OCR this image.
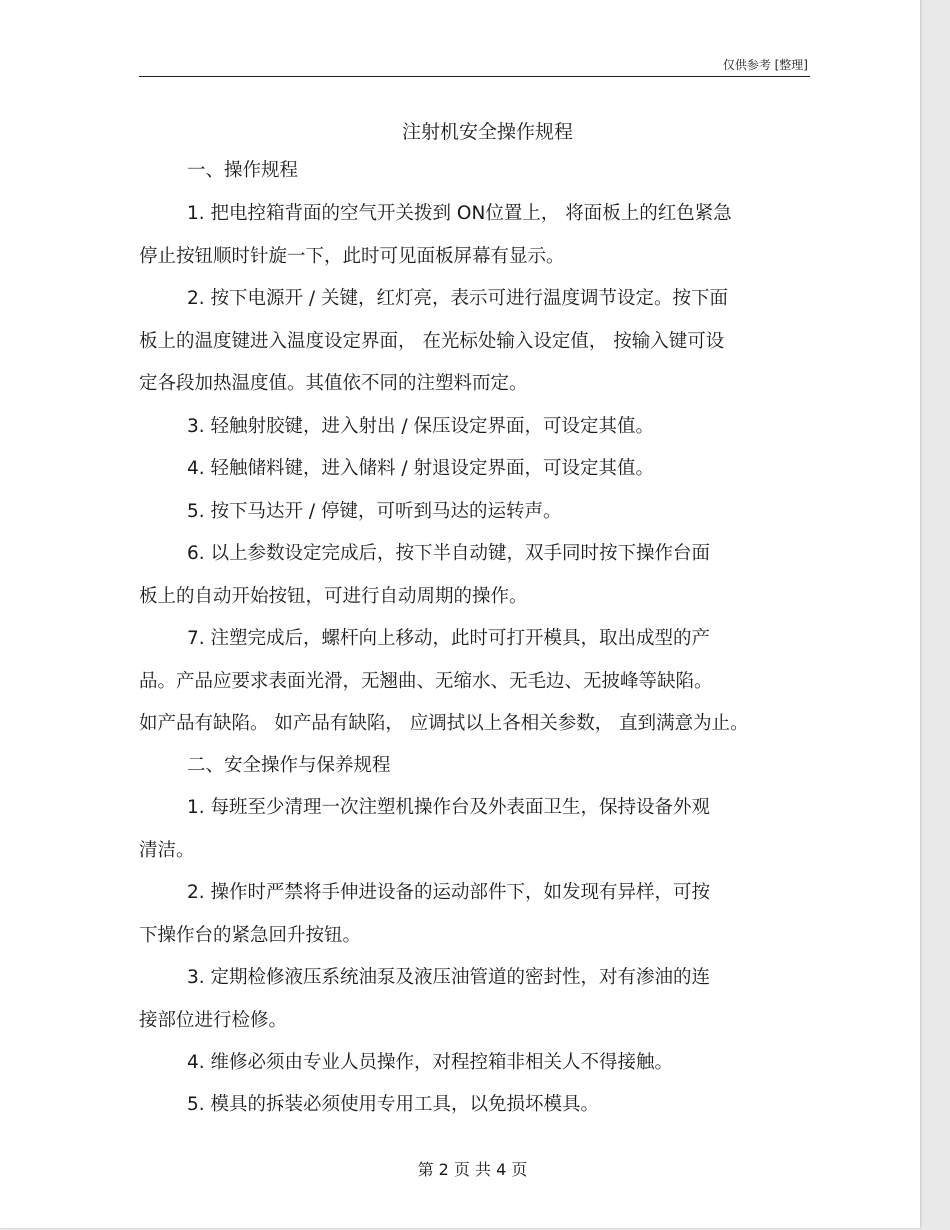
仅供参考 [整理]
注射机安全操作规程
一、操作规程
1. 把电控箱背面的空气开关拨到 ON位置上， 将面板上的红色紧急
停止按钮顺时针旋一下，此时可见面板屏幕有显示。
2. 按下电源开 / 关键，红灯亮，表示可进行温度调节设定。按下面
板上的温度键进入温度设定界面， 在光标处输入设定值， 按输入键可设
定各段加热温度值。其值依不同的注塑料而定。
3. 轻触射胶键，进入射出 / 保压设定界面，可设定其值。
4. 轻触储料键，进入储料 / 射退设定界面，可设定其值。
5. 按下马达开 / 停键，可听到马达的运转声。
6. 以上参数设定完成后，按下半自动键，双手同时按下操作台面
板上的自动开始按钮，可进行自动周期的操作。
7. 注塑完成后，螺杆向上移动，此时可打开模具，取出成型的产
品。产品应要求表面光滑，无翘曲、无缩水、无毛边、无披峰等缺陷。
如产品有缺陷。 如产品有缺陷， 应调拭以上各相关参数， 直到满意为止。
二、安全操作与保养规程
1. 每班至少清理一次注塑机操作台及外表面卫生，保持设备外观
清洁。
2. 操作时严禁将手伸进设备的运动部件下，如发现有异样，可按
下操作台的紧急回升按钮。
3. 定期检修液压系统油泵及液压油管道的密封性，对有渗油的连
接部位进行检修。
4. 维修必须由专业人员操作，对程控箱非相关人不得接触。
5. 模具的拆装必须使用专用工具，以免损坏模具。
第 2 页 共 4 页
